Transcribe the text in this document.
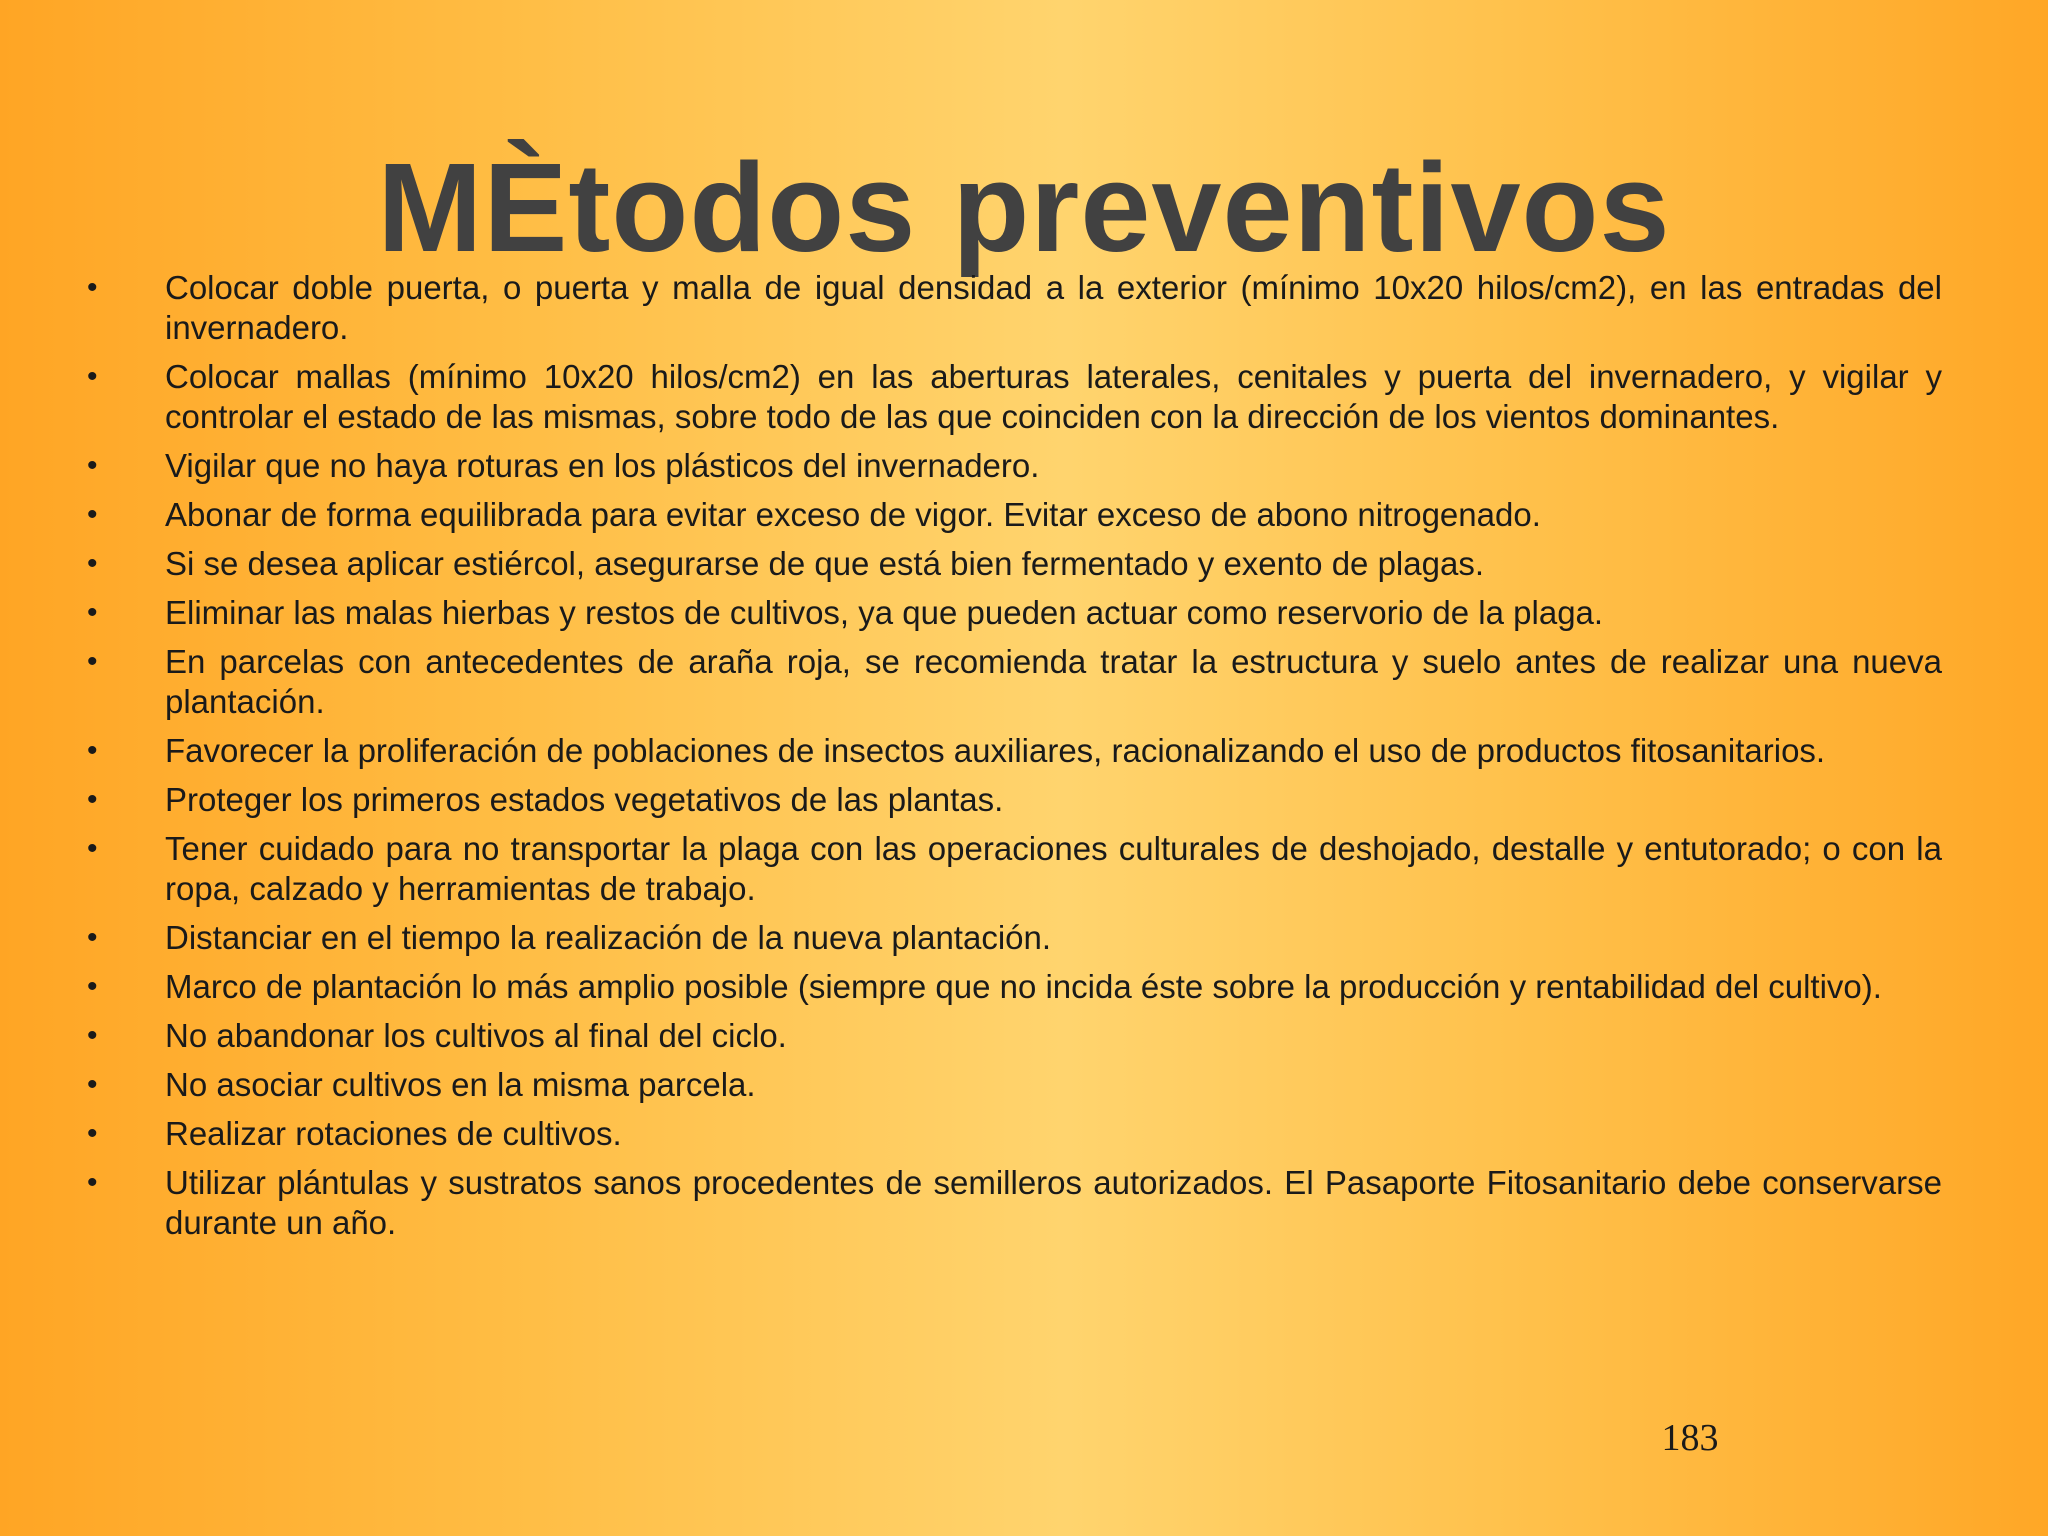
MÈtodos preventivos
• Colocar doble puerta, o puerta y malla de igual densidad a la exterior (mínimo 10x20 hilos/cm2), en las entradas del invernadero.
• Colocar mallas (mínimo 10x20 hilos/cm2) en las aberturas laterales, cenitales y puerta del invernadero, y vigilar y controlar el estado de las mismas, sobre todo de las que coinciden con la dirección de los vientos dominantes.
• Vigilar que no haya roturas en los plásticos del invernadero.
• Abonar de forma equilibrada para evitar exceso de vigor. Evitar exceso de abono nitrogenado.
• Si se desea aplicar estiércol, asegurarse de que está bien fermentado y exento de plagas.
• Eliminar las malas hierbas y restos de cultivos, ya que pueden actuar como reservorio de la plaga.
• En parcelas con antecedentes de araña roja, se recomienda tratar la estructura y suelo antes de realizar una nueva plantación.
• Favorecer la proliferación de poblaciones de insectos auxiliares, racionalizando el uso de productos fitosanitarios.
• Proteger los primeros estados vegetativos de las plantas.
• Tener cuidado para no transportar la plaga con las operaciones culturales de deshojado, destalle y entutorado; o con la ropa, calzado y herramientas de trabajo.
• Distanciar en el tiempo la realización de la nueva plantación.
• Marco de plantación lo más amplio posible (siempre que no incida éste sobre la producción y rentabilidad del cultivo).
• No abandonar los cultivos al final del ciclo.
• No asociar cultivos en la misma parcela.
• Realizar rotaciones de cultivos.
• Utilizar plántulas y sustratos sanos procedentes de semilleros autorizados. El Pasaporte Fitosanitario debe conservarse durante un año.
183
